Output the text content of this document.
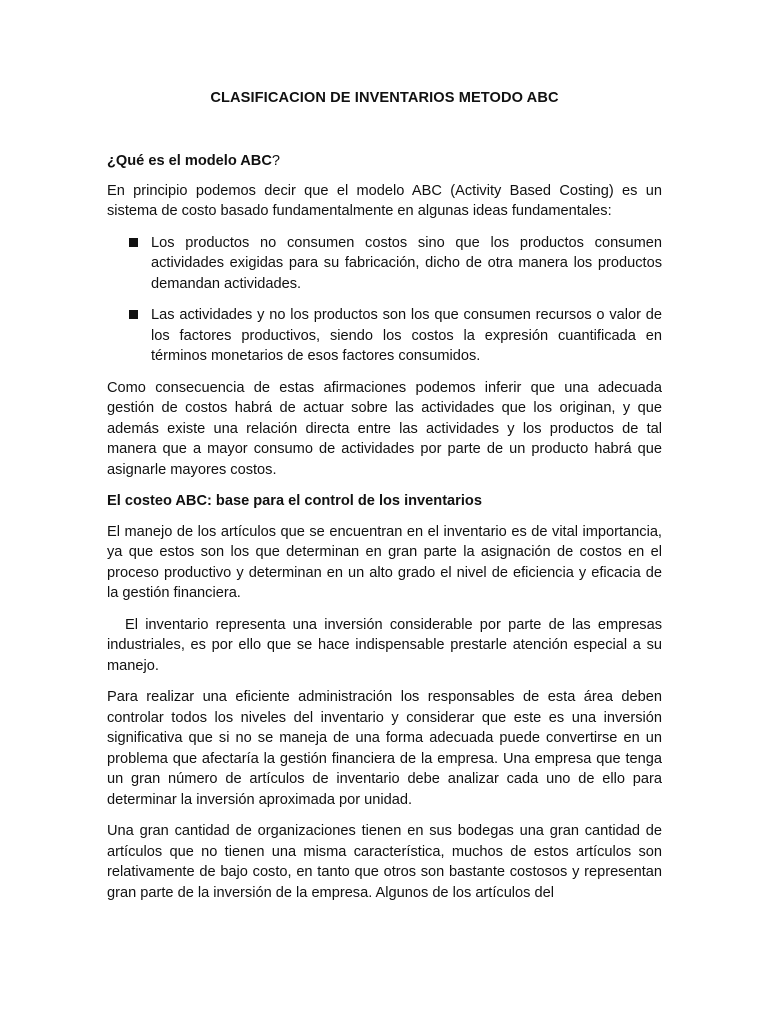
CLASIFICACION DE INVENTARIOS METODO ABC

¿Qué es el modelo ABC?

En principio podemos decir que el modelo ABC (Activity Based Costing) es un sistema de costo basado fundamentalmente en algunas ideas fundamentales:

Los productos no consumen costos sino que los productos consumen actividades exigidas para su fabricación, dicho de otra manera los productos demandan actividades.
Las actividades y no los productos son los que consumen recursos o valor de los factores productivos, siendo los costos la expresión cuantificada en términos monetarios de esos factores consumidos.

Como consecuencia de estas afirmaciones podemos inferir que una adecuada gestión de costos habrá de actuar sobre las actividades que los originan, y que además existe una relación directa entre las actividades y los productos de tal manera que a mayor consumo de actividades por parte de un producto habrá que asignarle mayores costos.

El costeo ABC: base para el control de los inventarios

El manejo de los artículos que se encuentran en el inventario es de vital importancia, ya que estos son los que determinan en gran parte la asignación de costos en el proceso productivo y determinan en un alto grado el nivel de eficiencia y eficacia de la gestión financiera.

El inventario representa una inversión considerable por parte de las empresas industriales, es por ello que se hace indispensable prestarle atención especial a su manejo.

Para realizar una eficiente administración los responsables de esta área deben controlar todos los niveles del inventario y considerar que este es una inversión significativa que si no se maneja de una forma adecuada puede convertirse en un problema que afectaría la gestión financiera de la empresa. Una empresa que tenga un gran número de artículos de inventario debe analizar cada uno de ello para determinar la inversión aproximada por unidad.

Una gran cantidad de organizaciones tienen en sus bodegas una gran cantidad de artículos que no tienen una misma característica, muchos de estos artículos son relativamente de bajo costo, en tanto que otros son bastante costosos y representan gran parte de la inversión de la empresa. Algunos de los artículos del
